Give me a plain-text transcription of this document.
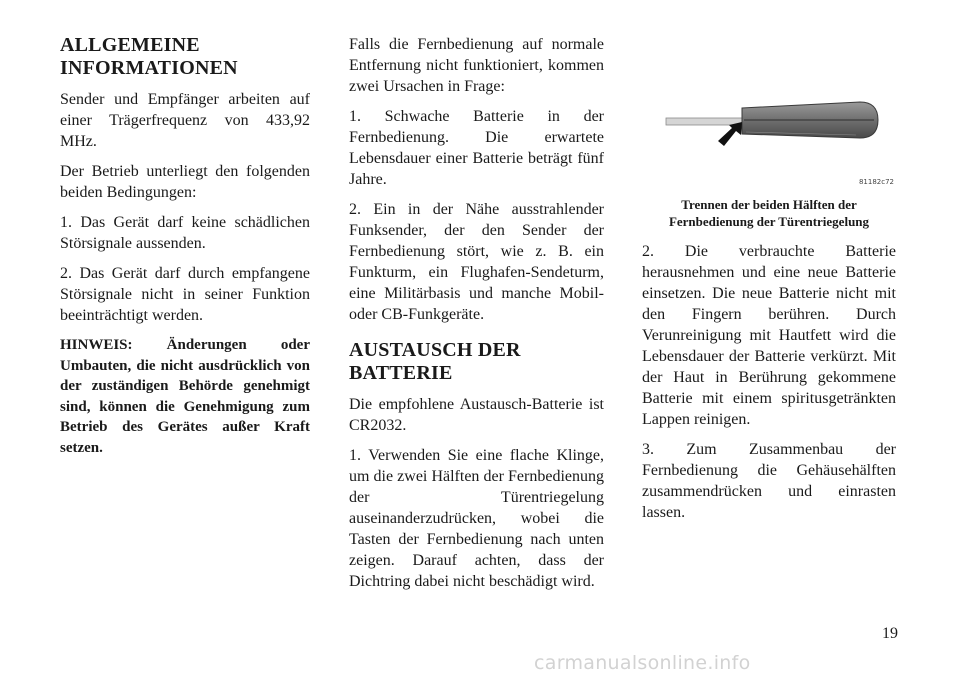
ALLGEMEINE INFORMATIONEN

Sender und Empfänger arbeiten auf einer Trägerfrequenz von 433,92 MHz.

Der Betrieb unterliegt den folgenden beiden Bedingungen:

1. Das Gerät darf keine schädlichen Störsignale aussenden.

2. Das Gerät darf durch empfangene Störsignale nicht in seiner Funktion beeinträchtigt werden.

HINWEIS: Änderungen oder Umbauten, die nicht ausdrücklich von der zuständigen Behörde genehmigt sind, können die Genehmigung zum Betrieb des Gerätes außer Kraft setzen.

Falls die Fernbedienung auf normale Entfernung nicht funktioniert, kommen zwei Ursachen in Frage:

1. Schwache Batterie in der Fernbedienung. Die erwartete Lebensdauer einer Batterie beträgt fünf Jahre.

2. Ein in der Nähe ausstrahlender Funksender, der den Sender der Fernbedienung stört, wie z. B. ein Funkturm, ein Flughafen-Sendeturm, eine Militärbasis und manche Mobil- oder CB-Funkgeräte.

AUSTAUSCH DER BATTERIE

Die empfohlene Austausch-Batterie ist CR2032.

1. Verwenden Sie eine flache Klinge, um die zwei Hälften der Fernbedienung der Türentriegelung auseinanderzudrücken, wobei die Tasten der Fernbedienung nach unten zeigen. Darauf achten, dass der Dichtring dabei nicht beschädigt wird.

81182c72

Trennen der beiden Hälften der Fernbedienung der Türentriegelung

2. Die verbrauchte Batterie herausnehmen und eine neue Batterie einsetzen. Die neue Batterie nicht mit den Fingern berühren. Durch Verunreinigung mit Hautfett wird die Lebensdauer der Batterie verkürzt. Mit der Haut in Berührung gekommene Batterie mit einem spiritusgetränkten Lappen reinigen.

3. Zum Zusammenbau der Fernbedienung die Gehäusehälften zusammendrücken und einrasten lassen.

19
carmanualsonline.info
